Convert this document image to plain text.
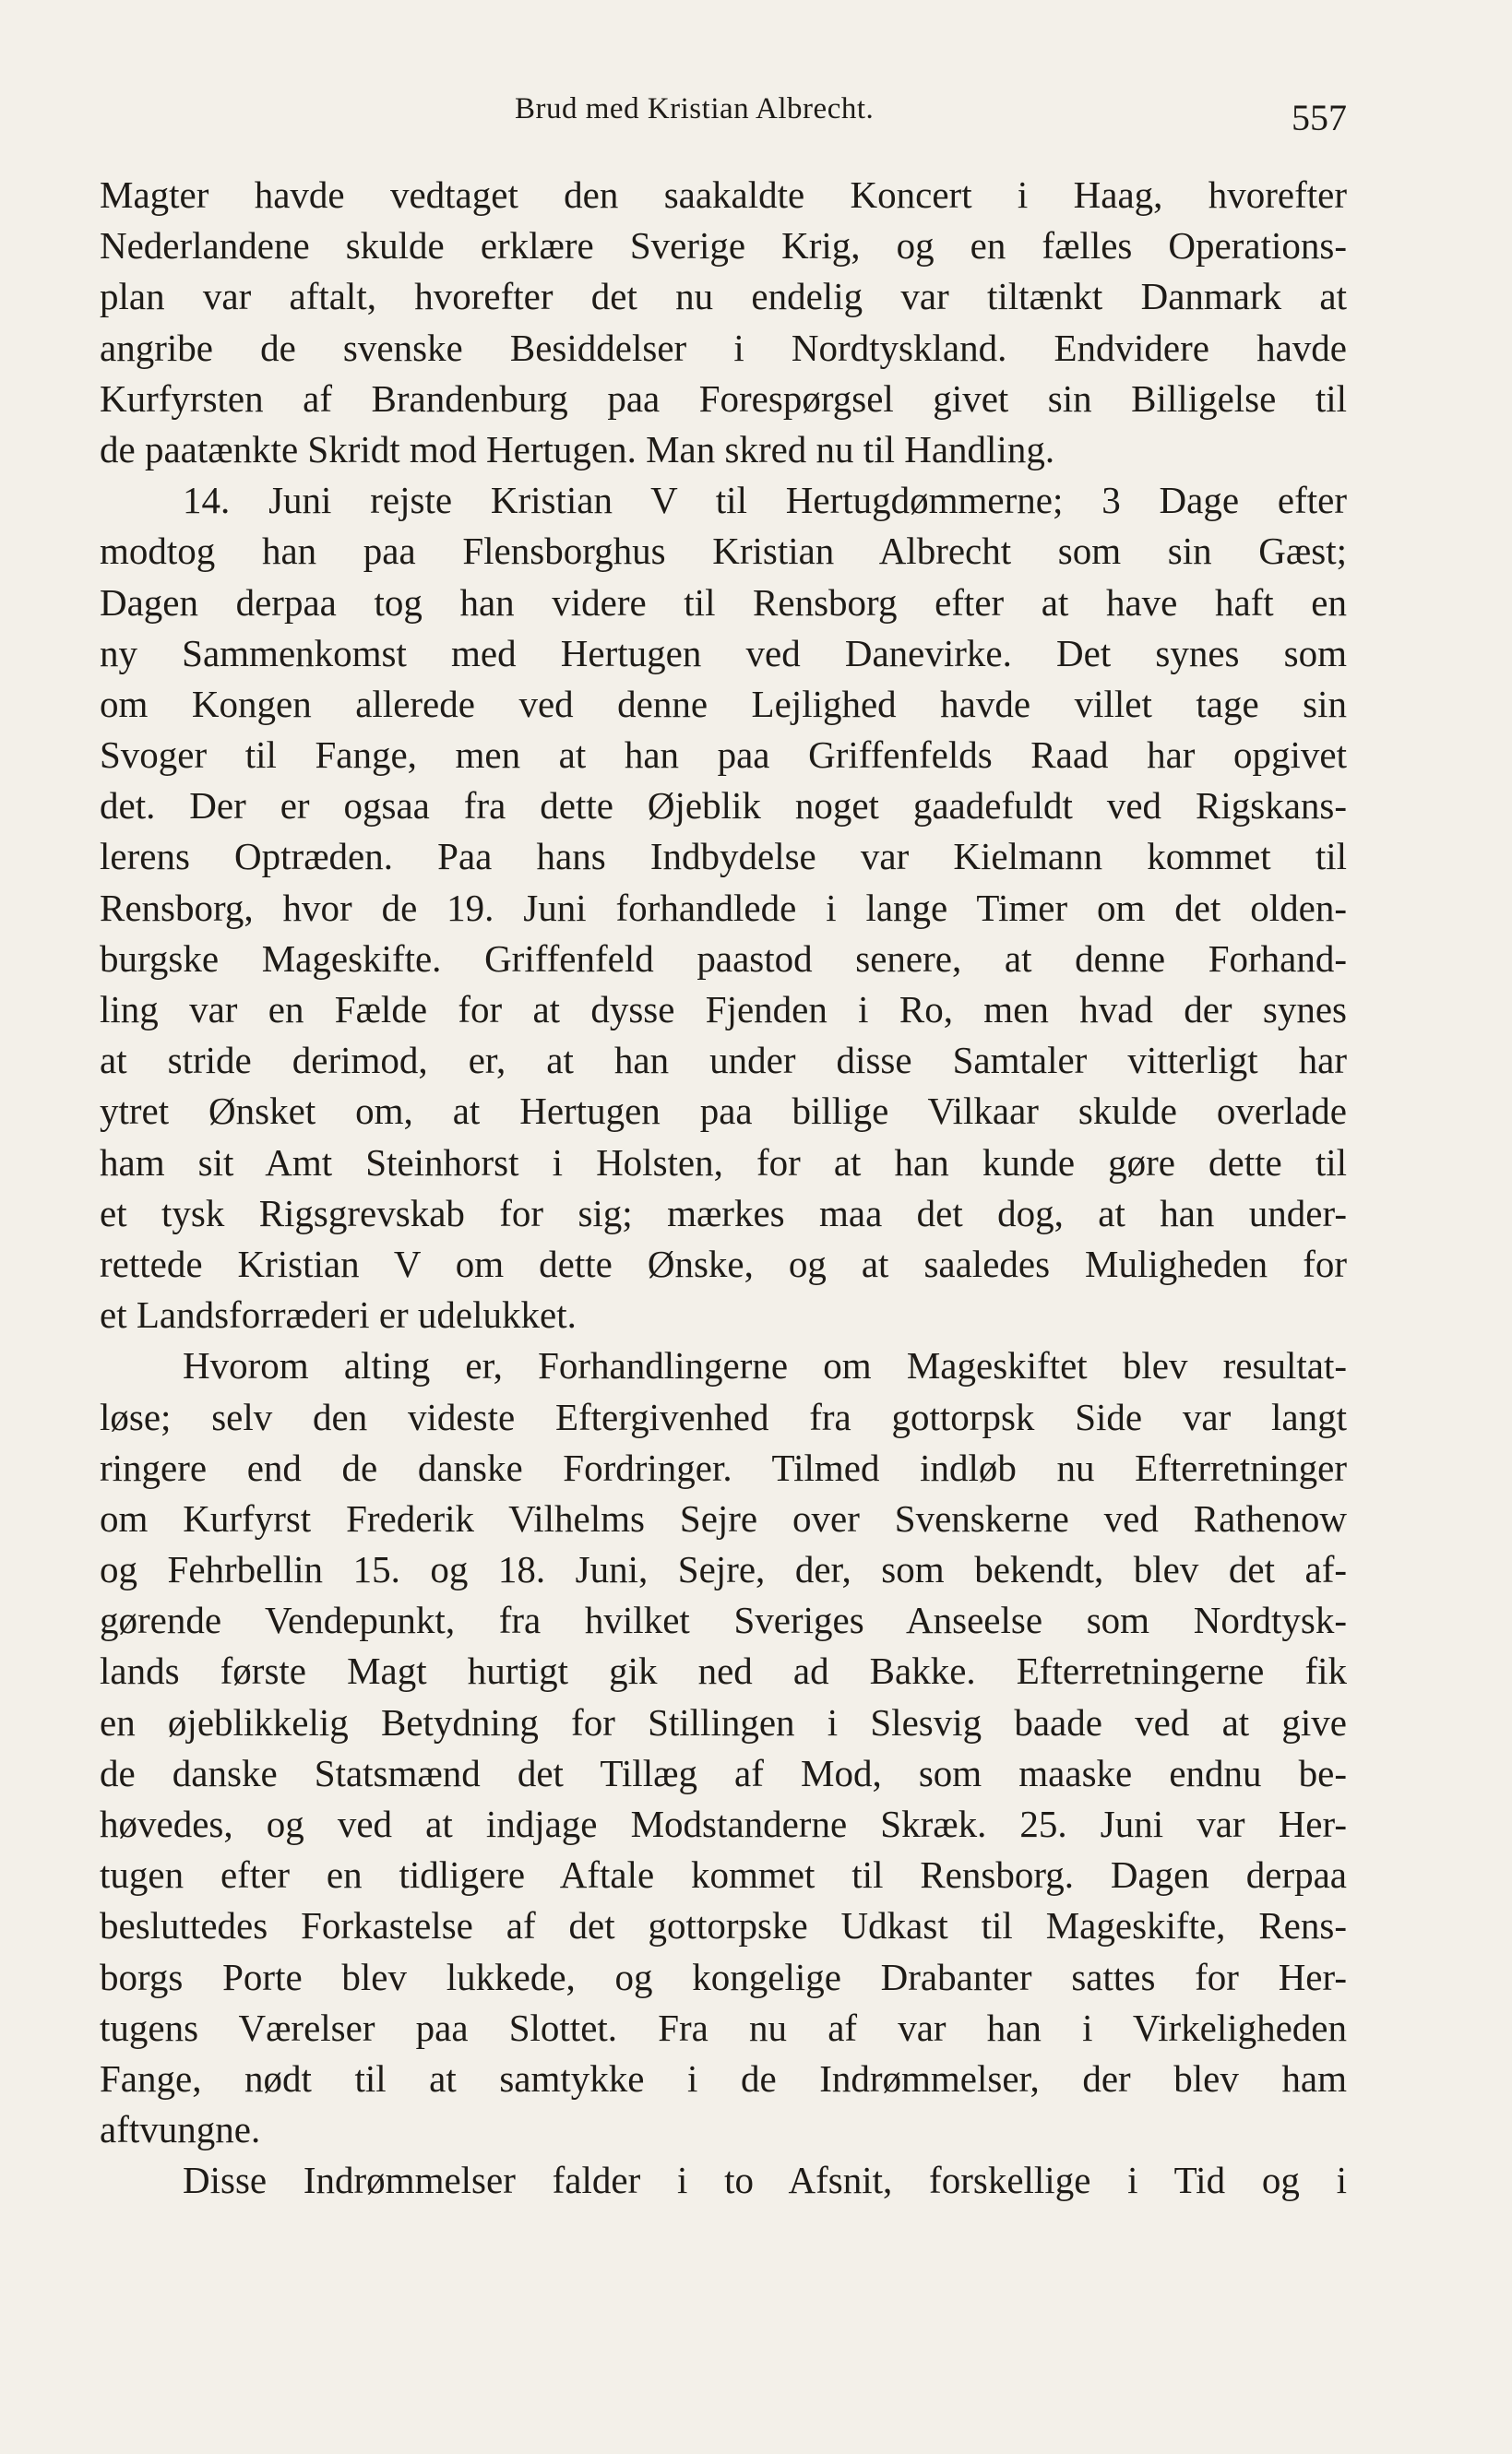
Brud med Kristian Albrecht.	557
Magter havde vedtaget den saakaldte Koncert i Haag, hvorefter
Nederlandene skulde erklære Sverige Krig, og en fælles Operations-
plan var aftalt, hvorefter det nu endelig var tiltænkt Danmark at
angribe de svenske Besiddelser i Nordtyskland. Endvidere havde
Kurfyrsten af Brandenburg paa Forespørgsel givet sin Billigelse til
de paatænkte Skridt mod Hertugen. Man skred nu til Handling.
14. Juni rejste Kristian V til Hertugdømmerne; 3 Dage efter
modtog han paa Flensborghus Kristian Albrecht som sin Gæst;
Dagen derpaa tog han videre til Rensborg efter at have haft en
ny Sammenkomst med Hertugen ved Danevirke. Det synes som
om Kongen allerede ved denne Lejlighed havde villet tage sin
Svoger til Fange, men at han paa Griffenfelds Raad har opgivet
det. Der er ogsaa fra dette Øjeblik noget gaadefuldt ved Rigskans-
lerens Optræden. Paa hans Indbydelse var Kielmann kommet til
Rensborg, hvor de 19. Juni forhandlede i lange Timer om det olden-
burgske Mageskifte. Griffenfeld paastod senere, at denne Forhand-
ling var en Fælde for at dysse Fjenden i Ro, men hvad der synes
at stride derimod, er, at han under disse Samtaler vitterligt har
ytret Ønsket om, at Hertugen paa billige Vilkaar skulde overlade
ham sit Amt Steinhorst i Holsten, for at han kunde gøre dette til
et tysk Rigsgrevskab for sig; mærkes maa det dog, at han under-
rettede Kristian V om dette Ønske, og at saaledes Muligheden for
et Landsforræderi er udelukket.
Hvorom alting er, Forhandlingerne om Mageskiftet blev resultat-
løse; selv den videste Eftergivenhed fra gottorpsk Side var langt
ringere end de danske Fordringer. Tilmed indløb nu Efterretninger
om Kurfyrst Frederik Vilhelms Sejre over Svenskerne ved Rathenow
og Fehrbellin 15. og 18. Juni, Sejre, der, som bekendt, blev det af-
gørende Vendepunkt, fra hvilket Sveriges Anseelse som Nordtysk-
lands første Magt hurtigt gik ned ad Bakke. Efterretningerne fik
en øjeblikkelig Betydning for Stillingen i Slesvig baade ved at give
de danske Statsmænd det Tillæg af Mod, som maaske endnu be-
høvedes, og ved at indjage Modstanderne Skræk. 25. Juni var Her-
tugen efter en tidligere Aftale kommet til Rensborg. Dagen derpaa
besluttedes Forkastelse af det gottorpske Udkast til Mageskifte, Rens-
borgs Porte blev lukkede, og kongelige Drabanter sattes for Her-
tugens Værelser paa Slottet. Fra nu af var han i Virkeligheden
Fange, nødt til at samtykke i de Indrømmelser, der blev ham
aftvungne.
Disse Indrømmelser falder i to Afsnit, forskellige i Tid og i
